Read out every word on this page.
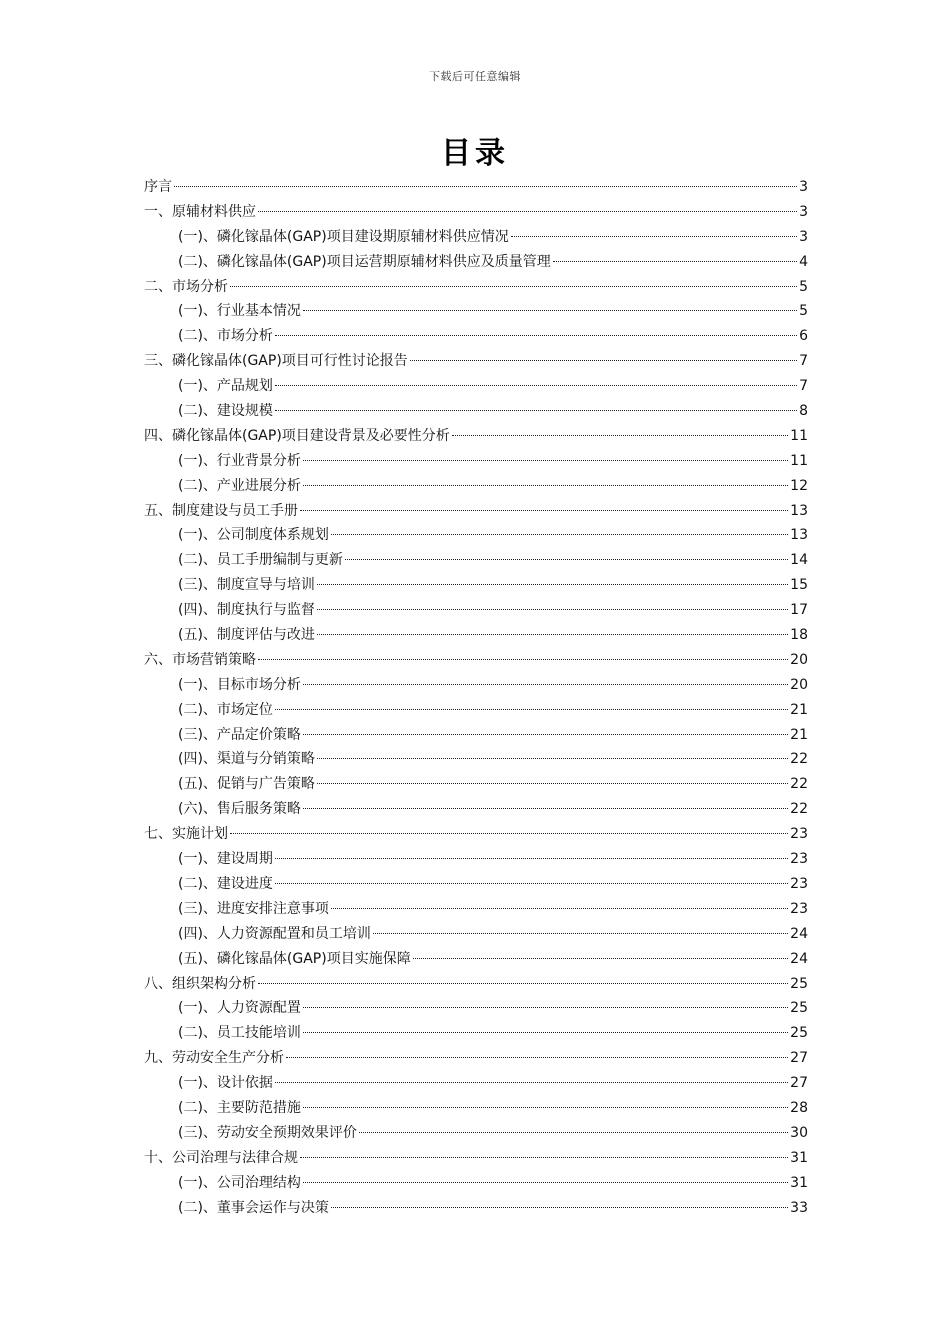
下载后可任意编辑
目录
序言	3
一、原辅材料供应	3
(一)、磷化镓晶体(GAP)项目建设期原辅材料供应情况	3
(二)、磷化镓晶体(GAP)项目运营期原辅材料供应及质量管理	4
二、市场分析	5
(一)、行业基本情况	5
(二)、市场分析	6
三、磷化镓晶体(GAP)项目可行性讨论报告	7
(一)、产品规划	7
(二)、建设规模	8
四、磷化镓晶体(GAP)项目建设背景及必要性分析	11
(一)、行业背景分析	11
(二)、产业进展分析	12
五、制度建设与员工手册	13
(一)、公司制度体系规划	13
(二)、员工手册编制与更新	14
(三)、制度宣导与培训	15
(四)、制度执行与监督	17
(五)、制度评估与改进	18
六、市场营销策略	20
(一)、目标市场分析	20
(二)、市场定位	21
(三)、产品定价策略	21
(四)、渠道与分销策略	22
(五)、促销与广告策略	22
(六)、售后服务策略	22
七、实施计划	23
(一)、建设周期	23
(二)、建设进度	23
(三)、进度安排注意事项	23
(四)、人力资源配置和员工培训	24
(五)、磷化镓晶体(GAP)项目实施保障	24
八、组织架构分析	25
(一)、人力资源配置	25
(二)、员工技能培训	25
九、劳动安全生产分析	27
(一)、设计依据	27
(二)、主要防范措施	28
(三)、劳动安全预期效果评价	30
十、公司治理与法律合规	31
(一)、公司治理结构	31
(二)、董事会运作与决策	33
